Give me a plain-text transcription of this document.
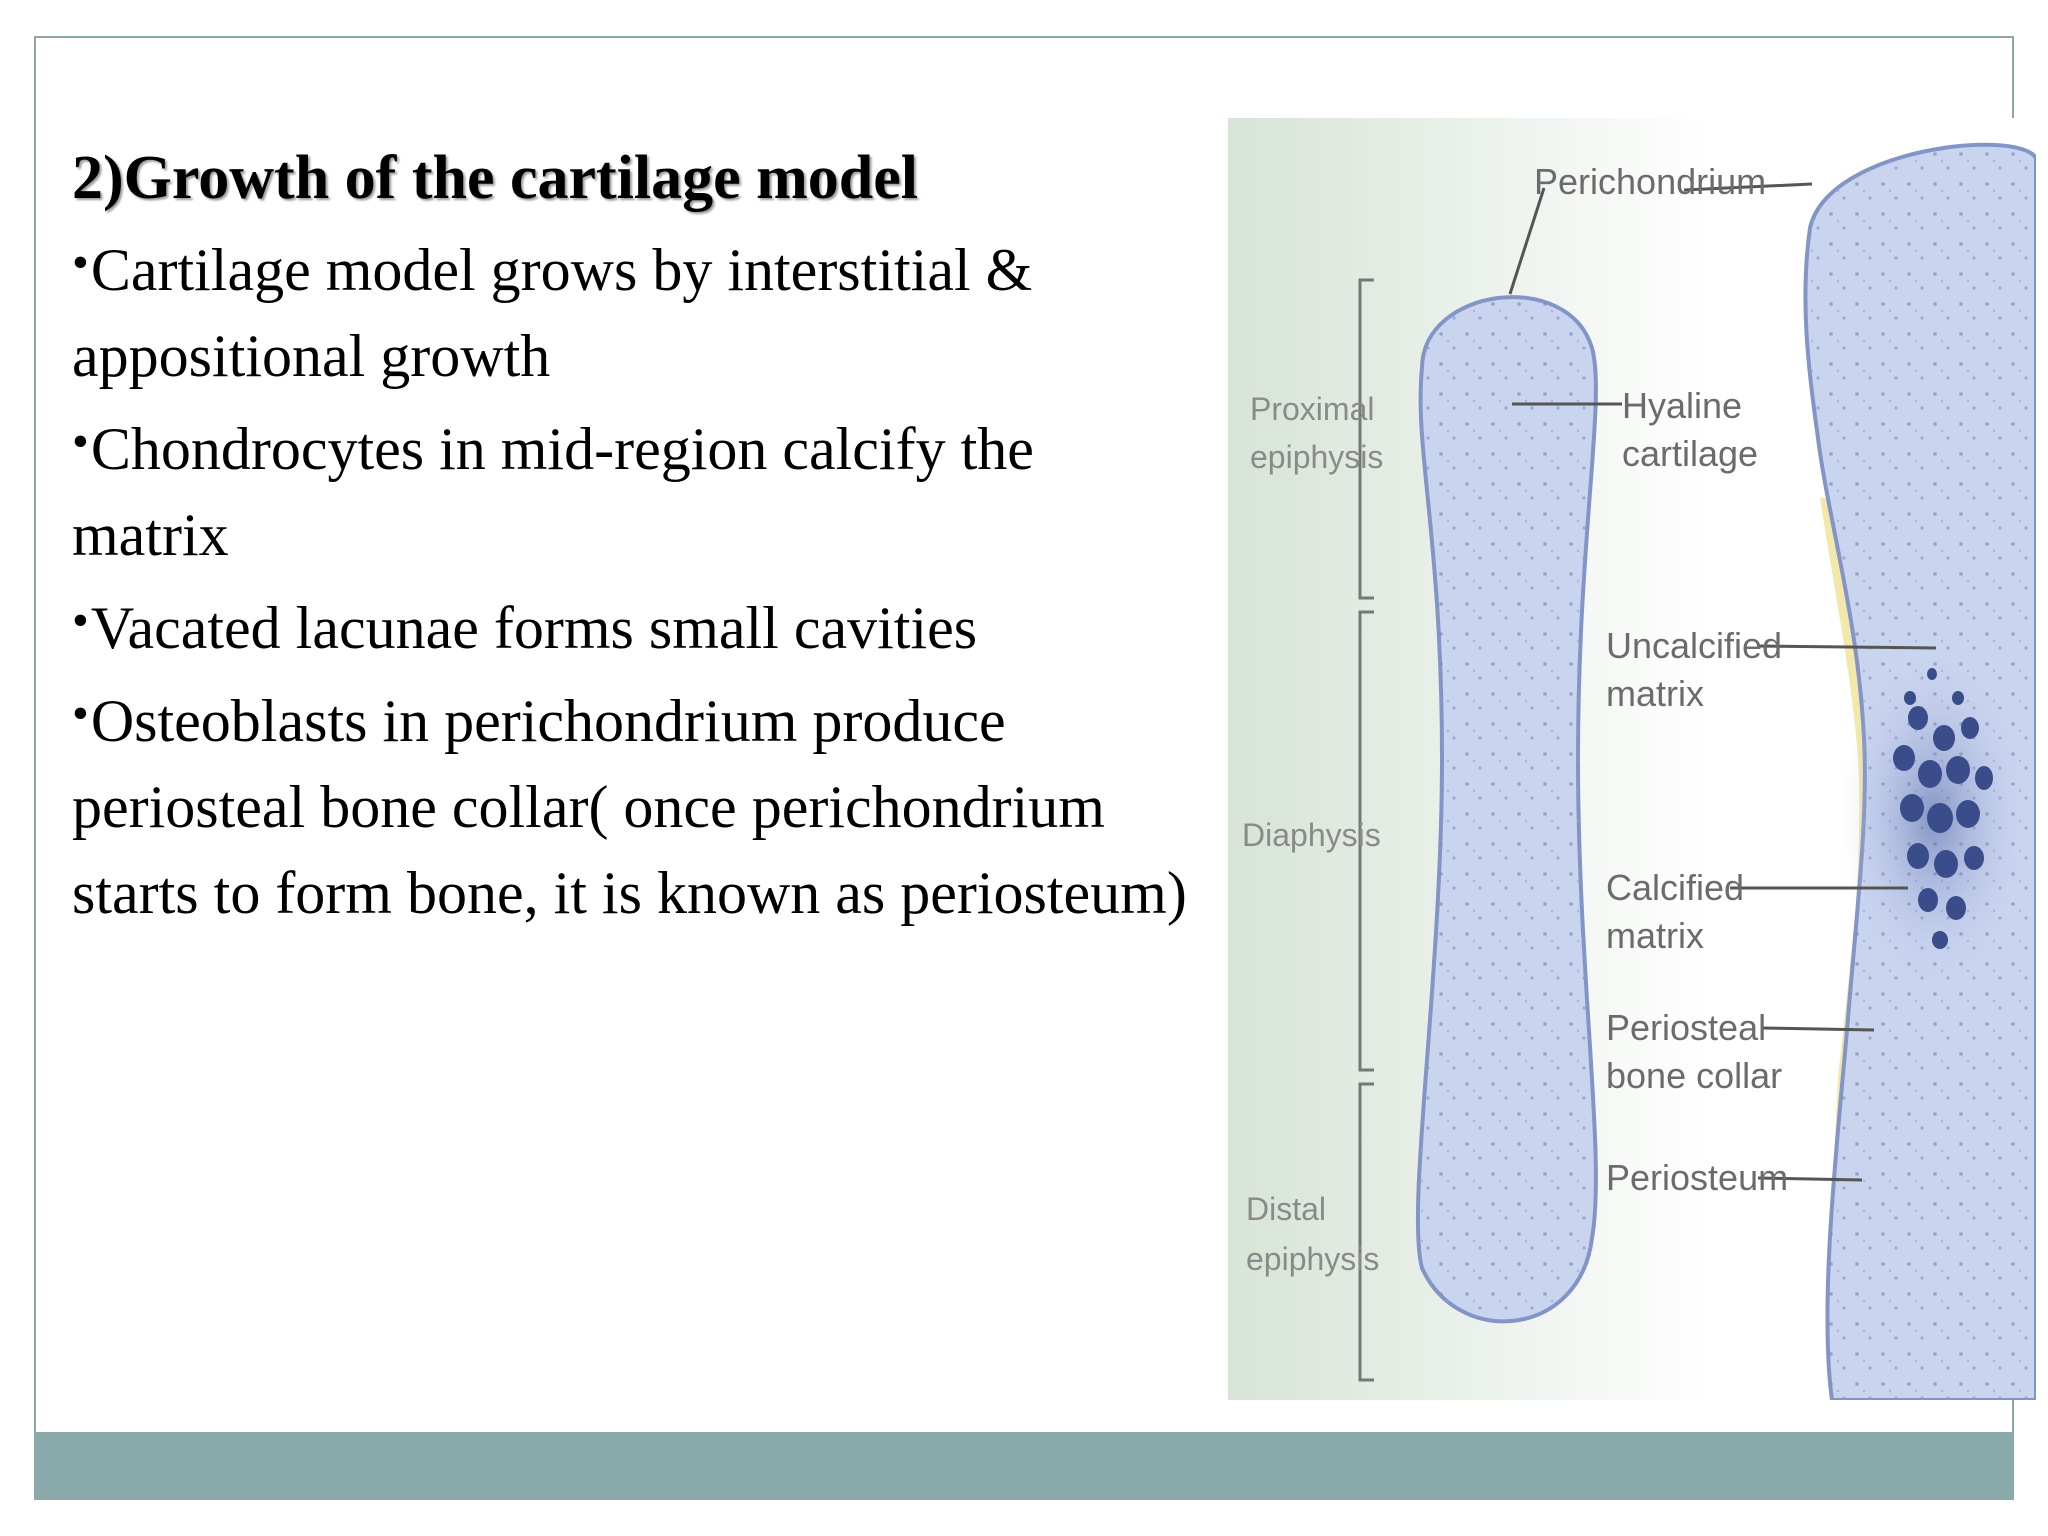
2)Growth of the cartilage model

•Cartilage model grows by interstitial & appositional growth

•Chondrocytes in mid-region calcify the matrix

•Vacated lacunae forms small cavities

•Osteoblasts in perichondrium produce periosteal bone collar( once perichondrium starts to form bone, it is known as periosteum)

Proximal
epiphysis
Diaphysis
Distal
epiphysis
Perichondrium
Hyaline
cartilage
Uncalcified
matrix
Calcified
matrix
Periosteal
bone collar
Periosteum
